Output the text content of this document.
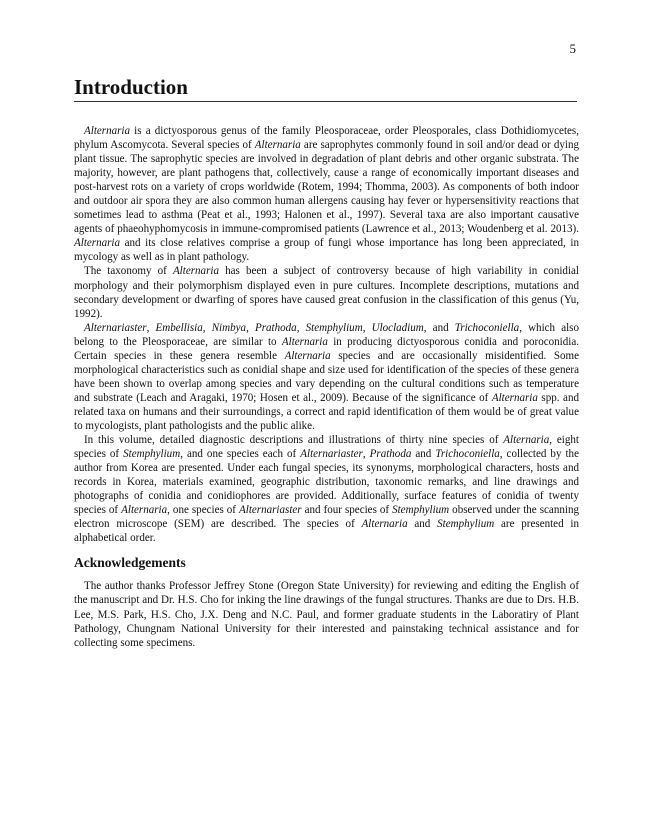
5
Introduction

Alternaria is a dictyosporous genus of the family Pleosporaceae, order Pleosporales, class Dothidiomycetes, phylum Ascomycota. Several species of Alternaria are saprophytes commonly found in soil and/or dead or dying plant tissue. The saprophytic species are involved in degradation of plant debris and other organic substrata. The majority, however, are plant pathogens that, collectively, cause a range of economically important diseases and post-harvest rots on a variety of crops worldwide (Rotem, 1994; Thomma, 2003). As components of both indoor and outdoor air spora they are also common human allergens causing hay fever or hypersensitivity reactions that sometimes lead to asthma (Peat et al., 1993; Halonen et al., 1997). Several taxa are also important causative agents of phaeohyphomycosis in immune-compromised patients (Lawrence et al., 2013; Woudenberg et al. 2013). Alternaria and its close relatives comprise a group of fungi whose importance has long been appreciated, in mycology as well as in plant pathology.

The taxonomy of Alternaria has been a subject of controversy because of high variability in conidial morphology and their polymorphism displayed even in pure cultures. Incomplete descriptions, mutations and secondary development or dwarfing of spores have caused great confusion in the classification of this genus (Yu, 1992).

Alternariaster, Embellisia, Nimbya, Prathoda, Stemphylium, Ulocladium, and Trichoconiella, which also belong to the Pleosporaceae, are similar to Alternaria in producing dictyosporous conidia and poroconidia. Certain species in these genera resemble Alternaria species and are occasionally misidentified. Some morphological characteristics such as conidial shape and size used for identification of the species of these genera have been shown to overlap among species and vary depending on the cultural conditions such as temperature and substrate (Leach and Aragaki, 1970; Hosen et al., 2009). Because of the significance of Alternaria spp. and related taxa on humans and their surroundings, a correct and rapid identification of them would be of great value to mycologists, plant pathologists and the public alike.

In this volume, detailed diagnostic descriptions and illustrations of thirty nine species of Alternaria, eight species of Stemphylium, and one species each of Alternariaster, Prathoda and Trichoconiella, collected by the author from Korea are presented. Under each fungal species, its synonyms, morphological characters, hosts and records in Korea, materials examined, geographic distribution, taxonomic remarks, and line drawings and photographs of conidia and conidiophores are provided. Additionally, surface features of conidia of twenty species of Alternaria, one species of Alternariaster and four species of Stemphylium observed under the scanning electron microscope (SEM) are described. The species of Alternaria and Stemphylium are presented in alphabetical order.

Acknowledgements

The author thanks Professor Jeffrey Stone (Oregon State University) for reviewing and editing the English of the manuscript and Dr. H.S. Cho for inking the line drawings of the fungal structures. Thanks are due to Drs. H.B. Lee, M.S. Park, H.S. Cho, J.X. Deng and N.C. Paul, and former graduate students in the Laboratiry of Plant Pathology, Chungnam National University for their interested and painstaking technical assistance and for collecting some specimens.
